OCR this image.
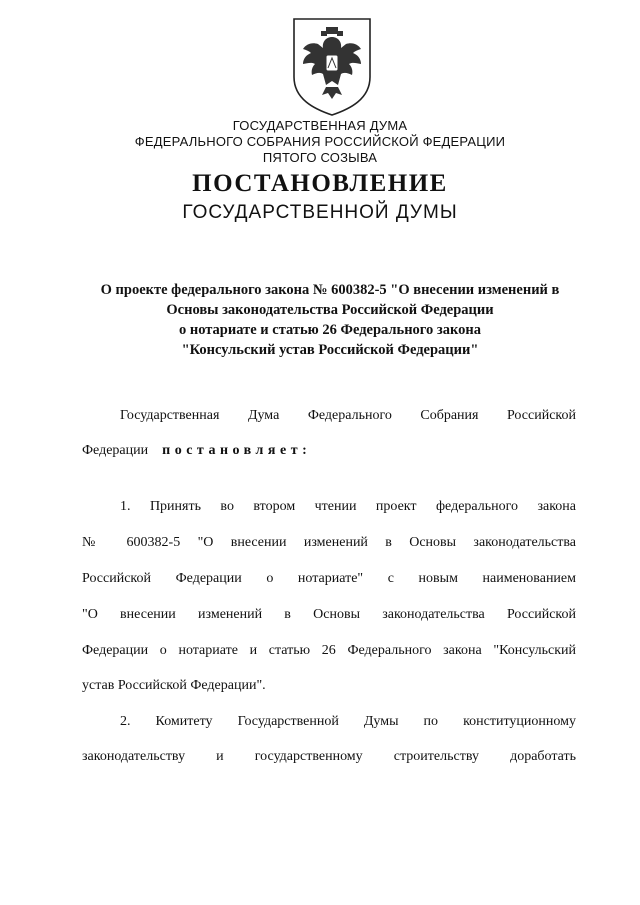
ГОСУДАРСТВЕННАЯ ДУМА
ФЕДЕРАЛЬНОГО СОБРАНИЯ РОССИЙСКОЙ ФЕДЕРАЦИИ
ПЯТОГО СОЗЫВА
ПОСТАНОВЛЕНИЕ
ГОСУДАРСТВЕННОЙ ДУМЫ
О проекте федерального закона № 600382-5 "О внесении изменений в
Основы законодательства Российской Федерации
о нотариате и статью 26 Федерального закона
"Консульский устав Российской Федерации"
Государственная Дума Федерального Собрания Российской
Федерации постановляет:
1. Принять во втором чтении проект федерального закона
№ 600382-5 "О внесении изменений в Основы законодательства
Российской Федерации о нотариате" с новым наименованием
"О внесении изменений в Основы законодательства Российской
Федерации о нотариате и статью 26 Федерального закона "Консульский
устав Российской Федерации".
2. Комитету Государственной Думы по конституционному
законодательству и государственному строительству доработать
